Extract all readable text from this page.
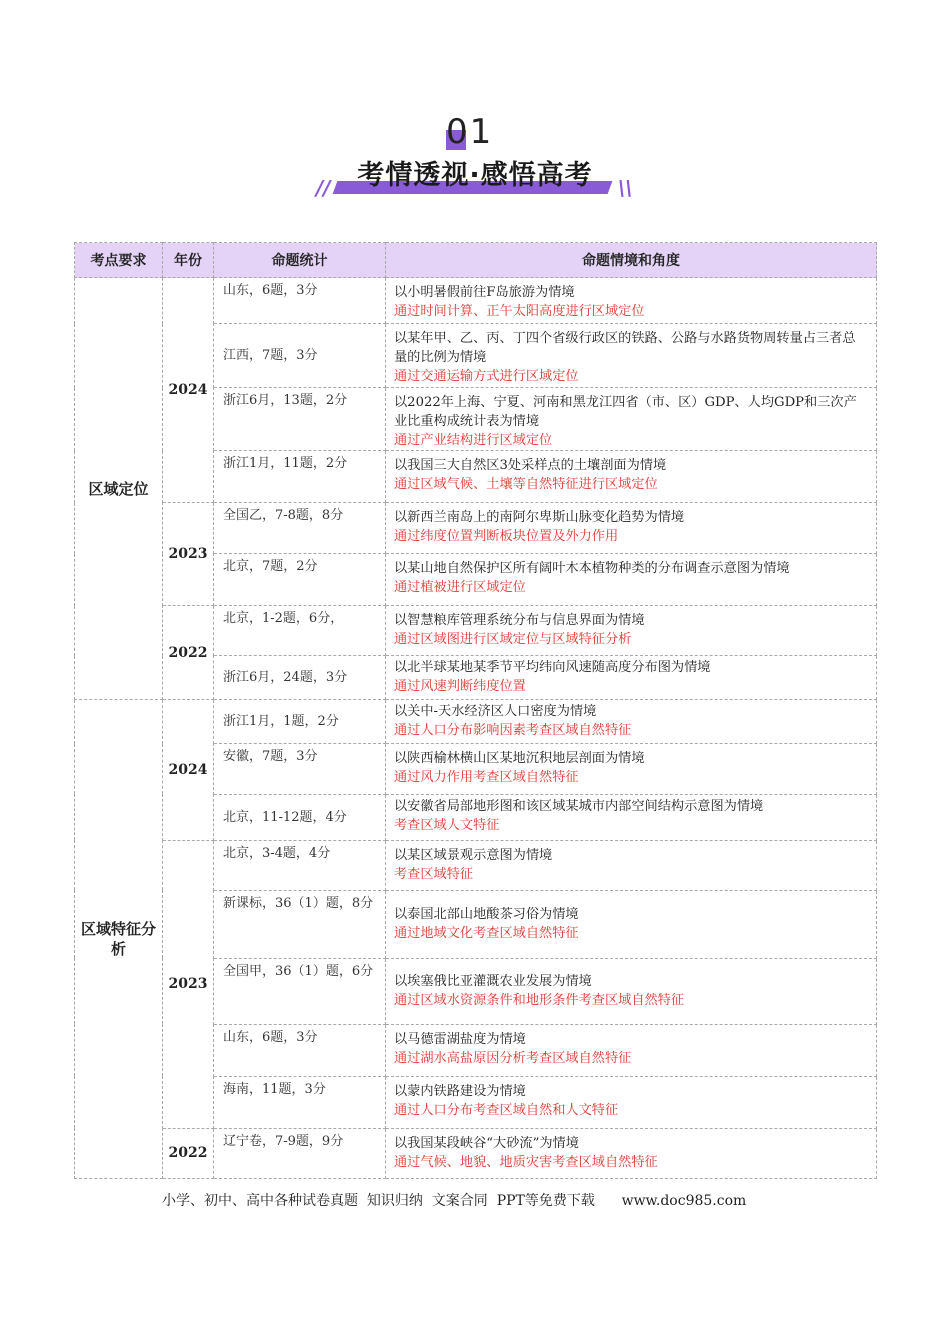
01
// 考情透视·感悟高考	\\
考点要求	年份	命题统计	命题情境和角度
区域定位	2024	山东，6题，3分	以小明暑假前往F岛旅游为情境
通过时间计算、正午太阳高度进行区域定位

		江西，7题，3分	以某年甲、乙、丙、丁四个省级行政区的铁路、公路与水路货物周转量占三者总量的比例为情境
通过交通运输方式进行区域定位

		浙江6月，13题，2分	以2022年上海、宁夏、河南和黑龙江四省（市、区）GDP、人均GDP和三次产业比重构成统计表为情境
通过产业结构进行区域定位

		浙江1月，11题，2分	以我国三大自然区3处采样点的土壤剖面为情境
通过区域气候、土壤等自然特征进行区域定位

	2023	全国乙，7-8题，8分	以新西兰南岛上的南阿尔卑斯山脉变化趋势为情境
通过纬度位置判断板块位置及外力作用

		北京，7题，2分	以某山地自然保护区所有阔叶木本植物种类的分布调查示意图为情境
通过植被进行区域定位

	2022	北京，1-2题，6分，	以智慧粮库管理系统分布与信息界面为情境
通过区域图进行区域定位与区域特征分析

		浙江6月，24题，3分	以北半球某地某季节平均纬向风速随高度分布图为情境
通过风速判断纬度位置

区域特征分析	2024	浙江1月，1题，2分	以关中-天水经济区人口密度为情境
通过人口分布影响因素考查区域自然特征

		安徽，7题，3分	以陕西榆林横山区某地沉积地层剖面为情境
通过风力作用考查区域自然特征

		北京，11-12题，4分	以安徽省局部地形图和该区域某城市内部空间结构示意图为情境
考查区域人文特征

	2023	北京，3-4题，4分	以某区域景观示意图为情境
考查区域特征

		新课标，36（1）题，8分	以泰国北部山地酸茶习俗为情境
通过地域文化考查区域自然特征

		全国甲，36（1）题，6分	以埃塞俄比亚灌溉农业发展为情境
通过区域水资源条件和地形条件考查区域自然特征

		山东，6题，3分	以马德雷湖盐度为情境
通过湖水高盐原因分析考查区域自然特征

		海南，11题，3分	以蒙内铁路建设为情境
通过人口分布考查区域自然和人文特征

	2022	辽宁卷，7-9题，9分	以我国某段峡谷“大砂流”为情境
通过气候、地貌、地质灾害考查区域自然特征
小学、初中、高中各种试卷真题  知识归纳  文案合同  PPT等免费下载 www.doc985.com
